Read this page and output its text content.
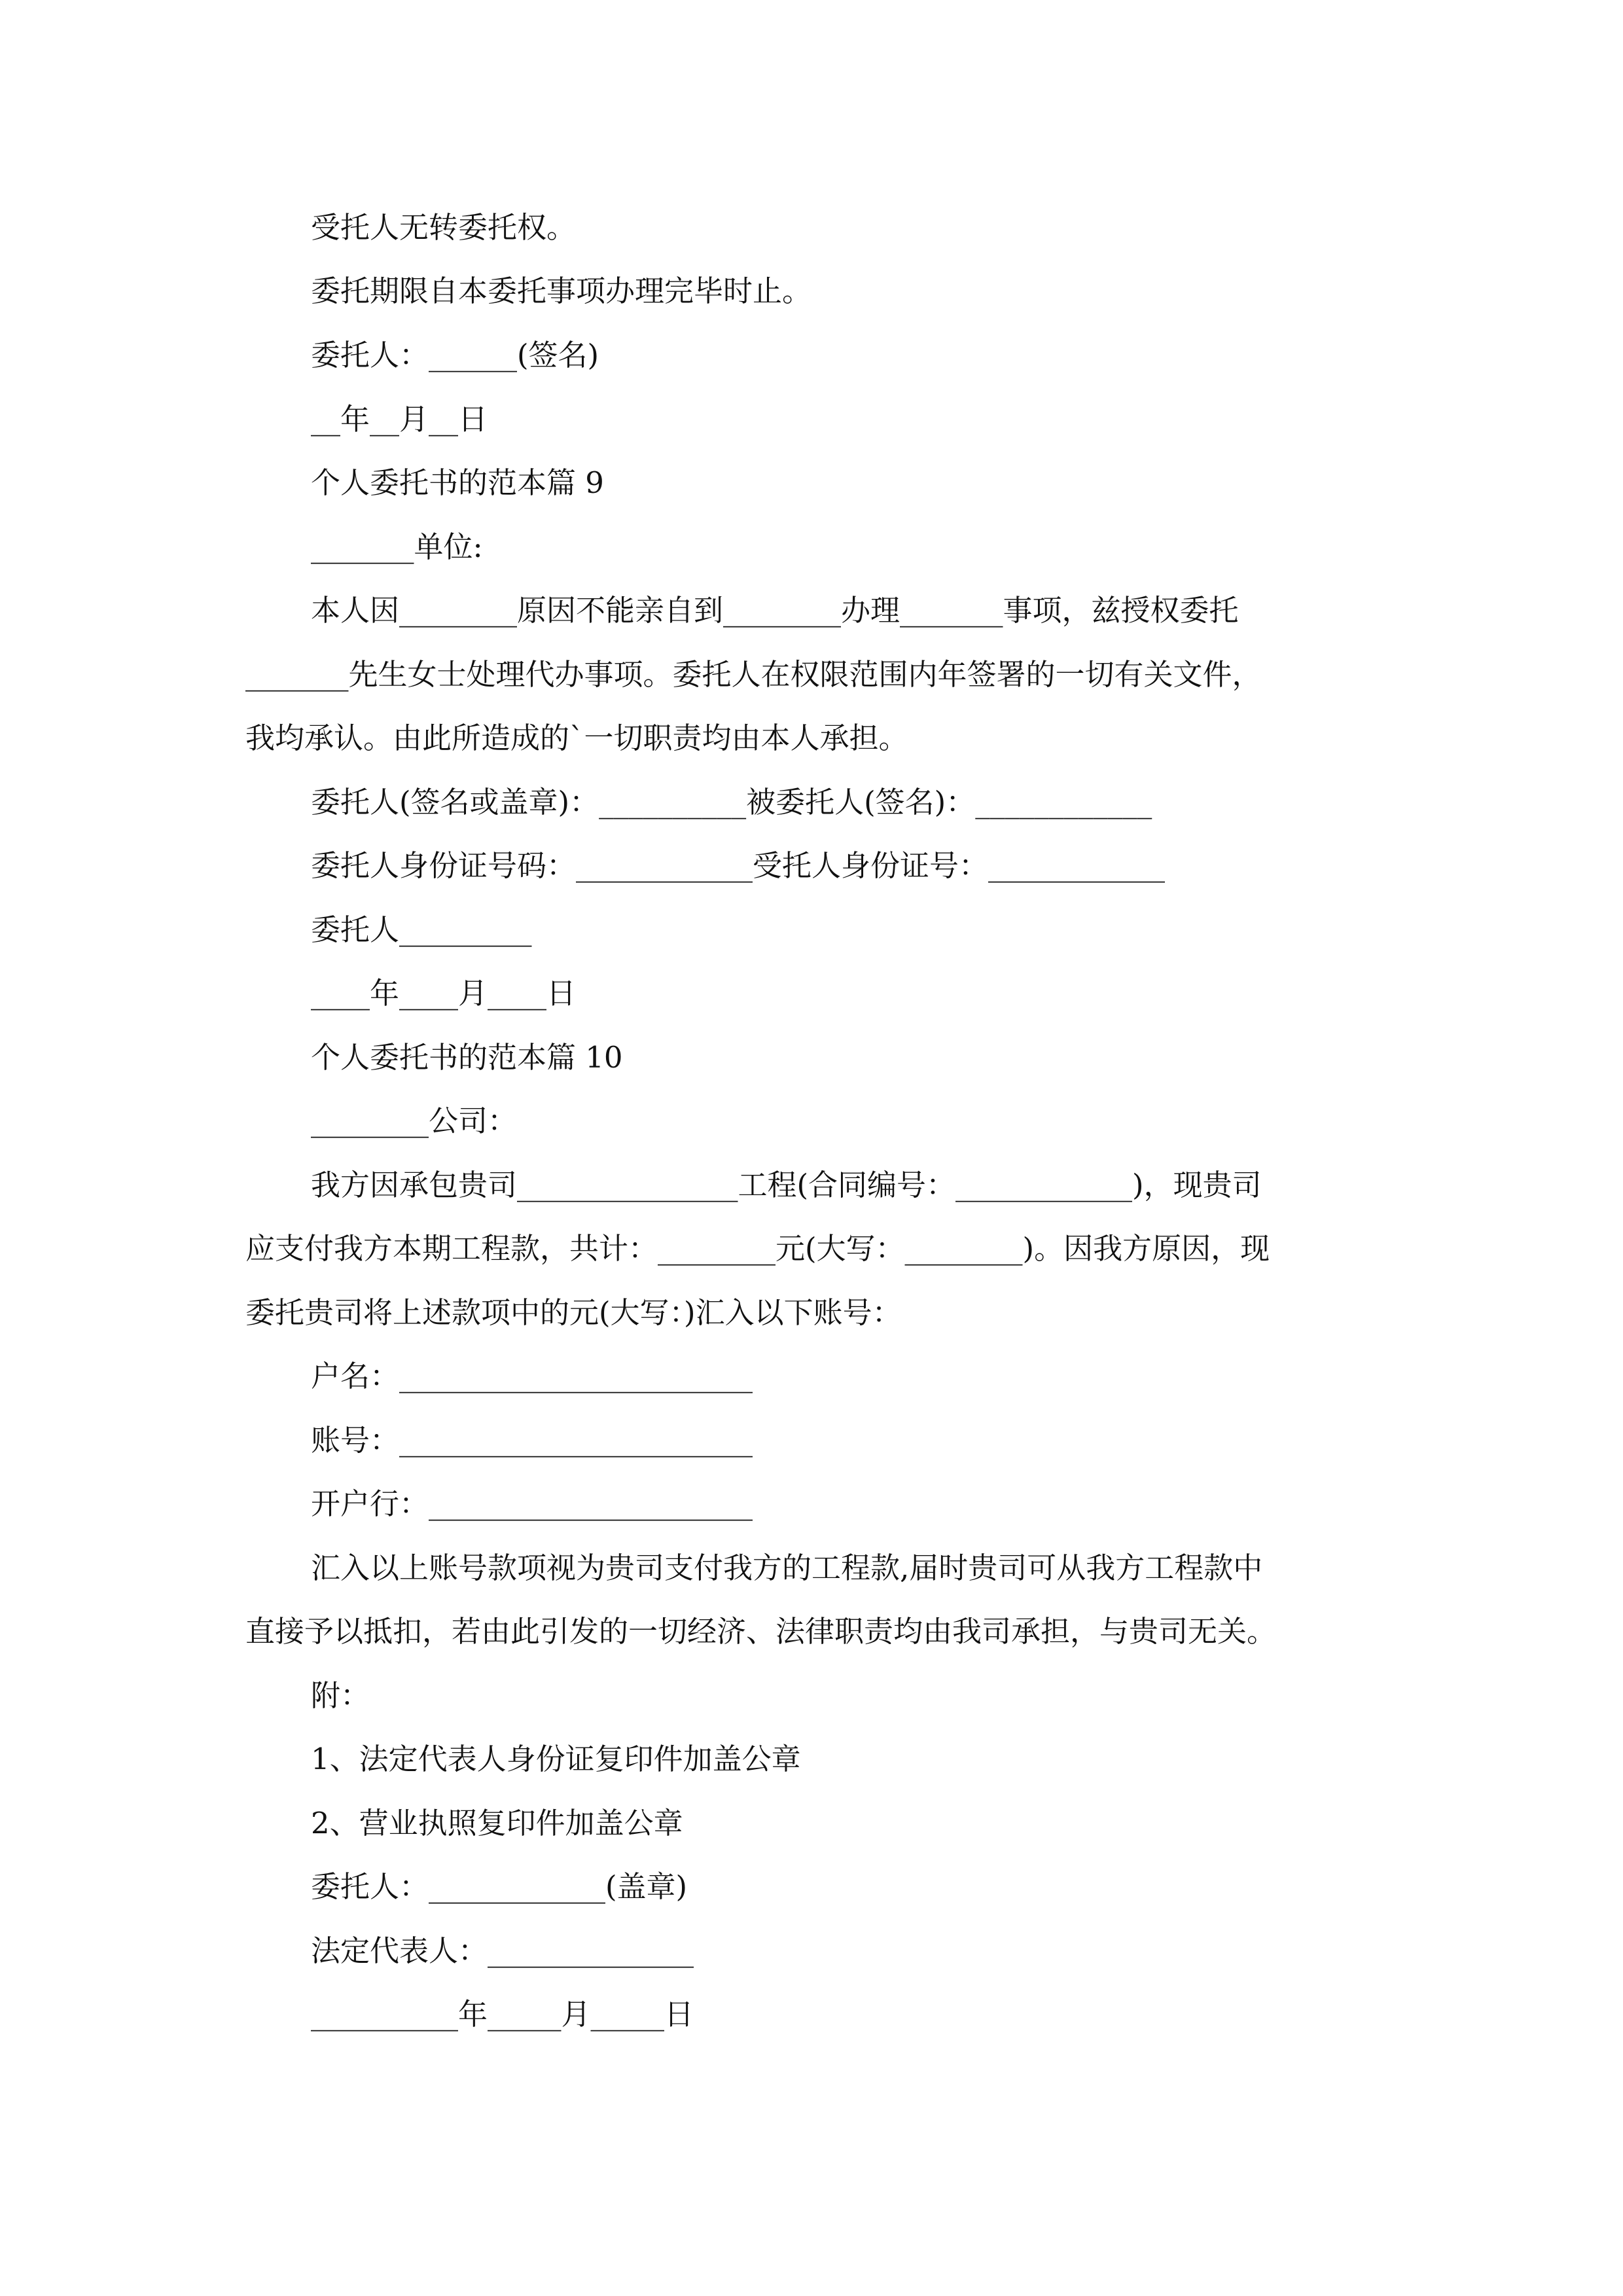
受托人无转委托权。
委托期限自本委托事项办理完毕时止。
委托人：______(签名)
__年__月__日
个人委托书的范本篇 9
_______单位:
本人因________原因不能亲自到________办理_______事项，兹授权委托
_______先生女士处理代办事项。委托人在权限范围内年签署的一切有关文件，
我均承认。由此所造成的`一切职责均由本人承担。
委托人(签名或盖章)：__________被委托人(签名)：____________
委托人身份证号码：____________受托人身份证号：____________
委托人_________
____年____月____日
个人委托书的范本篇 10
________公司：
我方因承包贵司_______________工程(合同编号：____________)，现贵司
应支付我方本期工程款，共计：________元(大写：________)。因我方原因，现
委托贵司将上述款项中的元(大写：)汇入以下账号：
户名：________________________
账号：________________________
开户行：______________________
汇入以上账号款项视为贵司支付我方的工程款,届时贵司可从我方工程款中
直接予以抵扣，若由此引发的一切经济、法律职责均由我司承担，与贵司无关。
附：
1、法定代表人身份证复印件加盖公章
2、营业执照复印件加盖公章
委托人：____________(盖章)
法定代表人：______________
__________年_____月_____日
